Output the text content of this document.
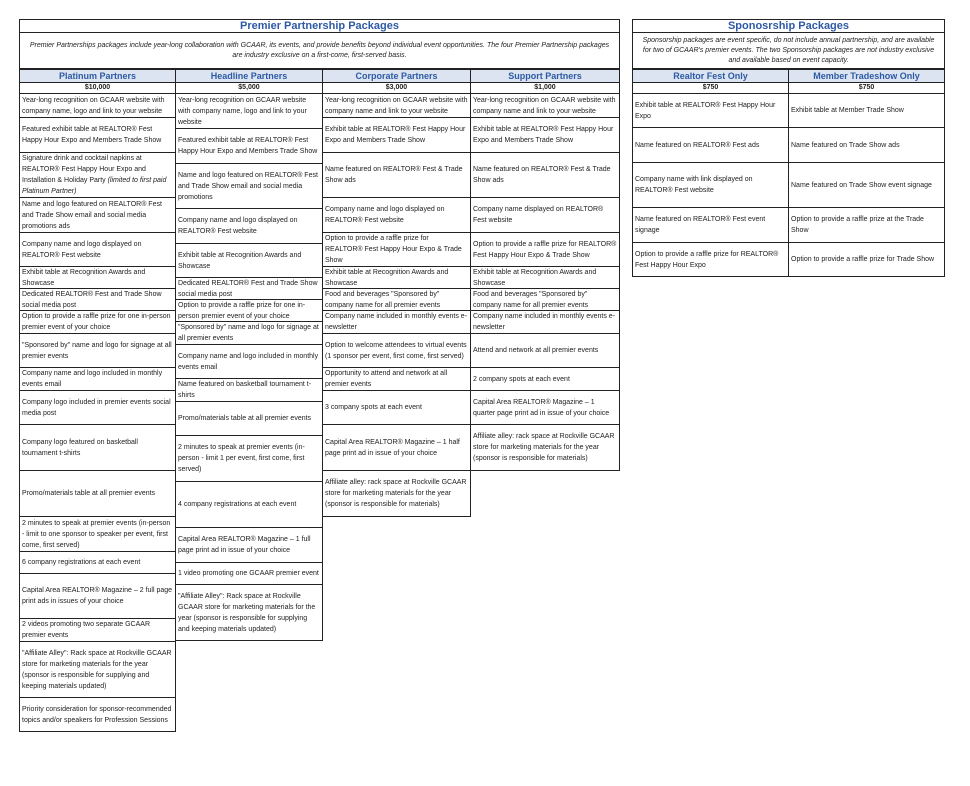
Premier Partnership Packages
Premier Partnerships packages include year-long collaboration with GCAAR, its events, and provide benefits beyond individual event opportunities. The four Premier Partnership packages are industry exclusive on a first-come, first-served basis.
Platinum Partners
$10,000
Year-long recognition on GCAAR website with company name, logo and link to your website
Featured exhibit table at REALTOR® Fest Happy Hour Expo and Members Trade Show
Signature drink and cocktail napkins at REALTOR® Fest Happy Hour Expo and Installation & Holiday Party (limited to first paid Platinum Partner)
Name and logo featured on REALTOR® Fest and Trade Show email and social media promotions ads
Company name and logo displayed on REALTOR® Fest website
Exhibit table at Recognition Awards and Showcase
Dedicated REALTOR® Fest and Trade Show social media post
Option to provide a raffle prize for one in-person premier event of your choice
"Sponsored by" name and logo for signage at all premier events
Company name and logo included in monthly events email
Company logo included in premier events social media post
Company logo featured on basketball tournament t-shirts
Promo/materials table at all premier events
2 minutes to speak at premier events (in-person - limit to one sponsor to speaker per event, first come, first served)
6 company registrations at each event
Capital Area REALTOR® Magazine – 2 full page print ads in issues of your choice
2 videos promoting two separate GCAAR premier events
"Affiliate Alley": Rack space at Rockville GCAAR store for marketing materials for the year (sponsor is responsible for supplying and keeping materials updated)
Priority consideration for sponsor-recommended topics and/or speakers for Profession Sessions
Headline Partners
$5,000
Year-long recognition on GCAAR website with company name, logo and link to your website
Featured exhibit table at REALTOR® Fest Happy Hour Expo and Members Trade Show
Name and logo featured on REALTOR® Fest and Trade Show email and social media promotions
Company name and logo displayed on REALTOR® Fest website
Exhibit table at Recognition Awards and Showcase
Dedicated REALTOR® Fest and Trade Show social media post
Option to provide a raffle prize for one in-person premier event of your choice
"Sponsored by" name and logo for signage at all premier events
Company name and logo included in monthly events email
Name featured on basketball tournament t-shirts
Promo/materials table at all premier events
2 minutes to speak at premier events (in-person - limit 1 per event, first come, first served)
4 company registrations at each event
Capital Area REALTOR® Magazine – 1 full page print ad in issue of your choice
1 video promoting one GCAAR premier event
"Affiliate Alley": Rack space at Rockville GCAAR store for marketing materials for the year (sponsor is responsible for supplying and keeping materials updated)
Corporate Partners
$3,000
Year-long recognition on GCAAR website with company name and link to your website
Exhibit table at REALTOR® Fest Happy Hour Expo and Members Trade Show
Name featured on REALTOR® Fest & Trade Show ads
Company name and logo displayed on REALTOR® Fest website
Option to provide a raffle prize for REALTOR® Fest Happy Hour Expo & Trade Show
Exhibit table at Recognition Awards and Showcase
Food and beverages "Sponsored by" company name for all premier events
Company name included in monthly events e-newsletter
Option to welcome attendees to virtual events (1 sponsor per event, first come, first served)
Opportunity to attend and network at all premier events
3 company spots at each event
Capital Area REALTOR® Magazine – 1 half page print ad in issue of your choice
Affiliate alley: rack space at Rockville GCAAR store for marketing materials for the year (sponsor is responsible for materials)
Support Partners
$1,000
Year-long recognition on GCAAR website with company name and link to your website
Exhibit table at REALTOR® Fest Happy Hour Expo and Members Trade Show
Name featured on REALTOR® Fest & Trade Show ads
Company name displayed on REALTOR® Fest website
Option to provide a raffle prize for REALTOR® Fest Happy Hour Expo & Trade Show
Exhibit table at Recognition Awards and Showcase
Food and beverages "Sponsored by" company name for all premier events
Company name included in monthly events e-newsletter
Attend and network at all premier events
2 company spots at each event
Capital Area REALTOR® Magazine – 1 quarter page print ad in issue of your choice
Affiliate alley: rack space at Rockville GCAAR store for marketing materials for the year (sponsor is responsible for materials)
Sponosrship Packages
Sponsorship packages are event specific, do not include annual partnership, and are available for two of GCAAR's premier events. The two Sponsorship packages are not industry exclusive and available based on event capacity.
Realtor Fest Only
$750
Exhibit table at REALTOR® Fest Happy Hour Expo
Name featured on REALTOR® Fest ads
Company name with link displayed on REALTOR® Fest website
Name featured on REALTOR® Fest event signage
Option to provide a raffle prize for REALTOR® Fest Happy Hour Expo
Member Tradeshow Only
$750
Exhibit table at Member Trade Show
Name featured on Trade Show ads
Name featured on Trade Show event signage
Option to provide a raffle prize at the Trade Show
Option to provide a raffle prize for Trade Show
